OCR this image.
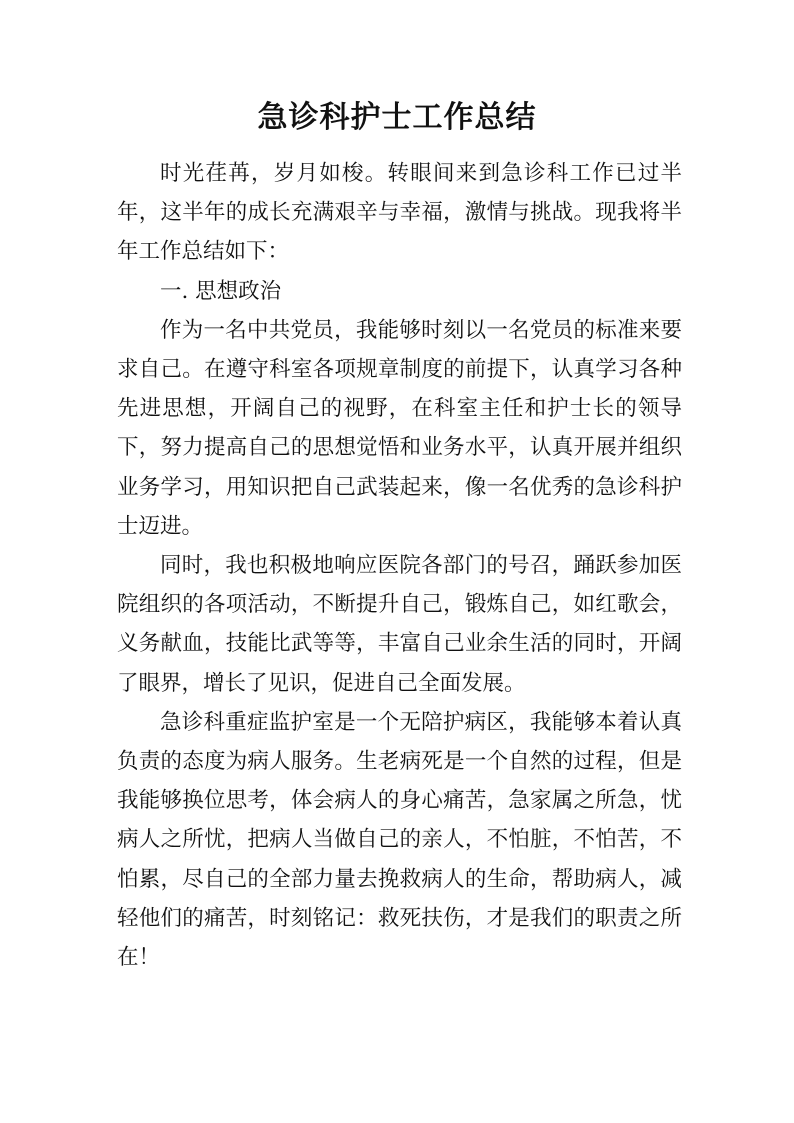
急诊科护士工作总结

时光荏苒，岁月如梭。转眼间来到急诊科工作已过半年，这半年的成长充满艰辛与幸福，激情与挑战。现我将半年工作总结如下：

一. 思想政治

作为一名中共党员，我能够时刻以一名党员的标准来要求自己。在遵守科室各项规章制度的前提下，认真学习各种先进思想，开阔自己的视野，在科室主任和护士长的领导下，努力提高自己的思想觉悟和业务水平，认真开展并组织业务学习，用知识把自己武装起来，像一名优秀的急诊科护士迈进。

同时，我也积极地响应医院各部门的号召，踊跃参加医院组织的各项活动，不断提升自己，锻炼自己，如红歌会，义务献血，技能比武等等，丰富自己业余生活的同时，开阔了眼界，增长了见识，促进自己全面发展。

急诊科重症监护室是一个无陪护病区，我能够本着认真负责的态度为病人服务。生老病死是一个自然的过程，但是我能够换位思考，体会病人的身心痛苦，急家属之所急，忧病人之所忧，把病人当做自己的亲人，不怕脏，不怕苦，不怕累，尽自己的全部力量去挽救病人的生命，帮助病人，减轻他们的痛苦，时刻铭记：救死扶伤，才是我们的职责之所在！
